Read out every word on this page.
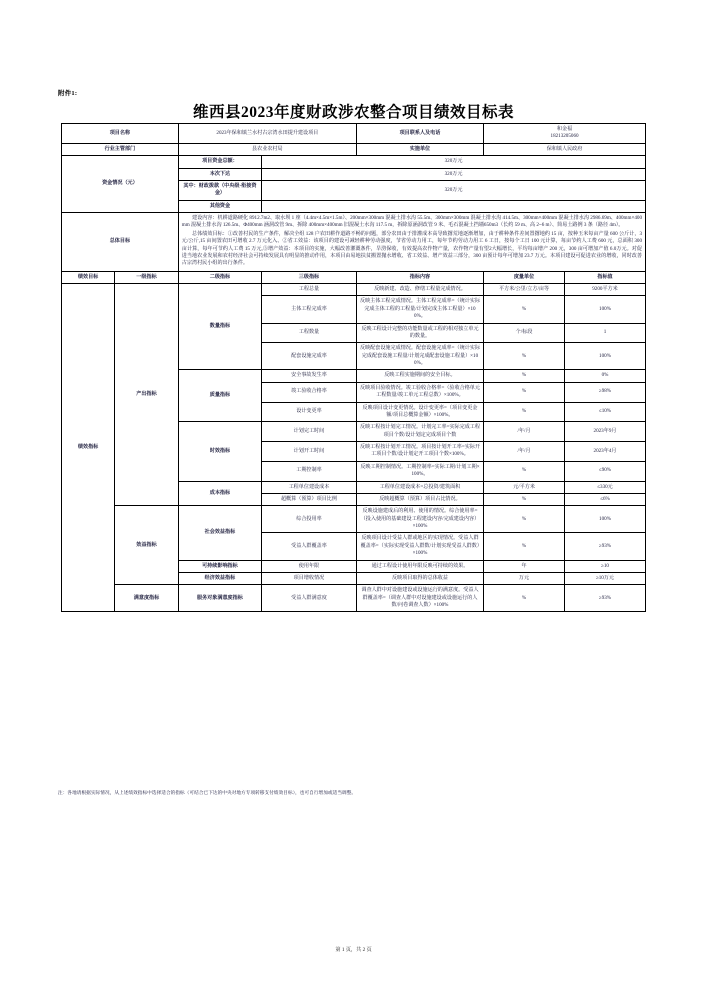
附件1:
维西县2023年度财政涉农整合项目绩效目标表
项目名称		2023年保和镇兰水村古宗湾水田提升建设项目		项目联系人及电话	和金福
18213205060	

行业主管部门		县农业农村局		实施单位	保和镇人民政府	
资金情况（元）		项目资金总额：	320万元			
		本次下达	320万元			
		其中：财政拨款（中央级-衔接资金）	320万元			
		其他资金				
总体目标		建设内容：机耕道路硬化 8912.7m2、取水坝 1 座（4.4m×4.5m×1.5m）、200mm×300mm 混凝土排水沟 55.5m、300mm×300mm 混凝土排水沟 414.5m、300mm×400mm 混凝土排水沟 2986.69m、400mm×400mm 混凝土排水沟 126.5m、Φ400mm 涵洞改管 9m、拆除 400mm×400mm 旧混凝土水沟 117.5 m，拆除原涵洞改管 9 米、毛石混凝土挡墙650m3（长约 59 m、高 2~6 m）、简易土路例 3 条（路径 4m）。

总体绩效目标：①改善村民的生产条件，解决全组 128 户农田耕作道路不畅的问题，部分农田由于排灌成本高导致撂荒地逐渐增加，由于耕种条件差间置撂地约 15 亩，按种玉米每亩产量 600 公斤计，3 元/公斤,15 亩间置农田可增收 2.7 万元化入、②省工效益：该项目的建设可减轻耕种劳动强度，节省劳动力用工，每年节约劳动力用工 6 工日，按每个工日 100 元计算，每亩节约人工费 600 元，总面积 300 亩计算，每年可节约人工费 15 万元,③增产效益：本项目的实施，大幅改善灌溉条件，旱涝保收，有效提高农作物产量，农作物产量有望2大幅增长，平均每亩增产 200 元，300 亩可增加产值 6.0万元。对促进当地农业发展和农村经济社会可持续发展具有明显的推动作用，本项目由易地扶贫搬置抛水增收、省工效益、增产效益三部分，300 亩预计每年可增加 23.7 万元。本项目建设可促进农业的增收，同时改善古宗湾村民小组的出行条件。				

绩效目标	一级指标	二级指标	三级指标	指标内容	度量单位	指标值
绩效指标	产出指标	数量指标	工程总量	反映新建、改造、修缮工程量完成情况。	平方米/公里/立方/亩等	9200平方米
			主体工程完成率	反映主体工程完成情况。主体工程完成率=（统计实际完成主体工程的工程量/计划完成主体工程量）×100%。	%	100%
			工程数量	反映工程设计完整的功能数量或工程的相对独立单元的数量。	个/标段	1
			配套设施完成率	反映配套设施完成情况。配套设施完成率=（统计实际完成配套设施工程量/计划完成配套设施工程量）×100%。	%	100%
		质量指标	安全事故发生率	反映工程实施期间的安全目标。	%	0%
			竣工验收合格率	反映项目验收情况。竣工验收合格率=（验收合格单元工程数量/竣工单元工程总数）×100%。	%	≥98%
			设计变更率	反映项目设计变更情况。设计变更率=（项目变更金额/项目总概算金额）×100%。	%	≤10%
		时效指标	计划完工时间	反映工程按计划完工情况。计划完工率=实际完成工程项目个数/设计划定完成项目个数	/年/月	2023年9月
			计划开工时间	反映工程按计划开工情况。项目按计划开工率=实际开工项目个数/设计划定开工项目个数×100%。	/年/月	2023年4月
			工期控制率	反映工期控制情况。工期控制率=实际工期/计划工期×100%。	%	≤90%
		成本指标	工程单位建设成本	工程单位建设成本=总投资/建筑面积	元/平方米	≤330元
			超概算（预算）项目比例	反映超概算（预算）项目占比情况。	%	≤6%
	效益指标	社会效益指标	综合投用率	反映设施建成后的利用、使用的情况。综合使用率=（投入使用的基础建设工程建设内容/完成建设内容）×100%	%	100%
			受益人群覆盖率	反映项目设计受益人群或地区的实现情况。受益人群覆盖率=（实际实现受益人群数/计划实现受益人群数）×100%	%	≥93%
		可持续影响指标	使用年限	通过工程设计使用年限反映可持续的效果。	年	≥10
		经济效益指标	项目增收情况	反映项目取得的总体收益	万元	≥10万元
	满意度指标	服务对象满意度指标	受益人群满意度	调查人群中对设施建设或设施运行的满意度。受益人群覆盖率=（调查人群中对设施建设或设施运行的人数/问卷调查人数）×100%	%	≥93%
注：各地请根据实际情况，从上述绩效指标中选择适合的指标（可结合已下达的中央对地方专项转移支付绩效目标），也可自行增加或适当调整。
第 1 页，共 2 页
